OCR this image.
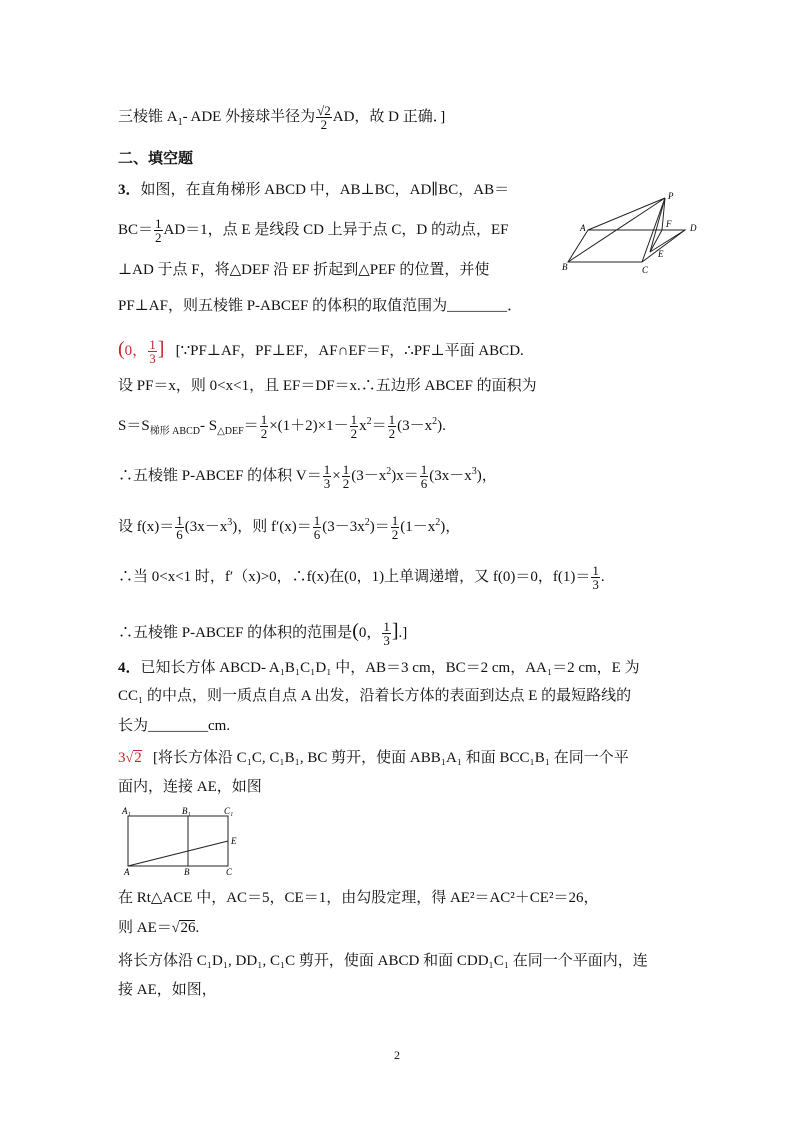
三棱锥 $A_1-$ ADE 外接球半径为 $\frac{√2}{2}$ AD，故 D 正确．]
二、填空题
3．如图，在直角梯形 ABCD 中，AB⊥BC，AD∥BC，AB＝
$BC= \frac{1}{2} AD=1$，点 E 是线段 CD 上异于点 C，D 的动点，EF
⊥AD 于点 F，将△DEF 沿 EF 折起到△PEF 的位置，并使
PF⊥AF，则五棱锥 P-ABCEF 的体积的取值范围为________．
P
A
B	C
D
E
F
(0， $\frac{1}{3}$ ] [∵PF⊥AF，PF⊥EF，AF∩EF＝F，∴PF⊥平面 ABCD.
设 PF＝x，则 0<x<1，且 EF＝DF＝x.∴五边形 ABCEF 的面积为
$S=S_{梯形 ABCD}-$ $S_{\triangle DEF}= \frac{1}{2} \times(1+2)\times 1- \frac{1}{2} x^2= \frac{1}{2} (3-x^2)$.
∴五棱锥 P-ABCEF 的体积 $V= \frac{1}{3} \times \frac{1}{2} (3-x^2)x= \frac{1}{6} (3x-x^3)$，
设 $f(x)= \frac{1}{6} (3x-x^3)$，则 $f'(x)= \frac{1}{6} (3-3x^2)= \frac{1}{2} (1-x^2)$，
∴当 0<x<1 时，f′（x)>0，∴f(x)在(0，1)上单调递增，又 f(0)＝0，$f(1)= \frac{1}{3}$ .
∴五棱锥 P-ABCEF 的体积的范围是(0， $\frac{1}{3}$ ].]
4．已知长方体 ABCD- A₁B₁C₁D₁ 中，AB＝3 cm，BC＝2 cm，AA₁＝2 cm，E 为
CC₁ 的中点，则一质点自点 A 出发，沿着长方体的表面到达点 E 的最短路线的
长为________cm.
3√2 [将长方体沿 C₁C, C₁B₁, BC 剪开，使面 ABB₁A₁ 和面 BCC₁B₁ 在同一个平
面内，连接 AE，如图
A₁	B₁	C₁
A	B	C
E
在 Rt△ACE 中，AC＝5，CE＝1，由勾股定理，得 AE²＝AC²＋CE²＝26，
则 AE＝√26.
将长方体沿 C₁D₁, DD₁, C₁C 剪开，使面 ABCD 和面 CDD₁C₁ 在同一个平面内，连
接 AE，如图，
2
